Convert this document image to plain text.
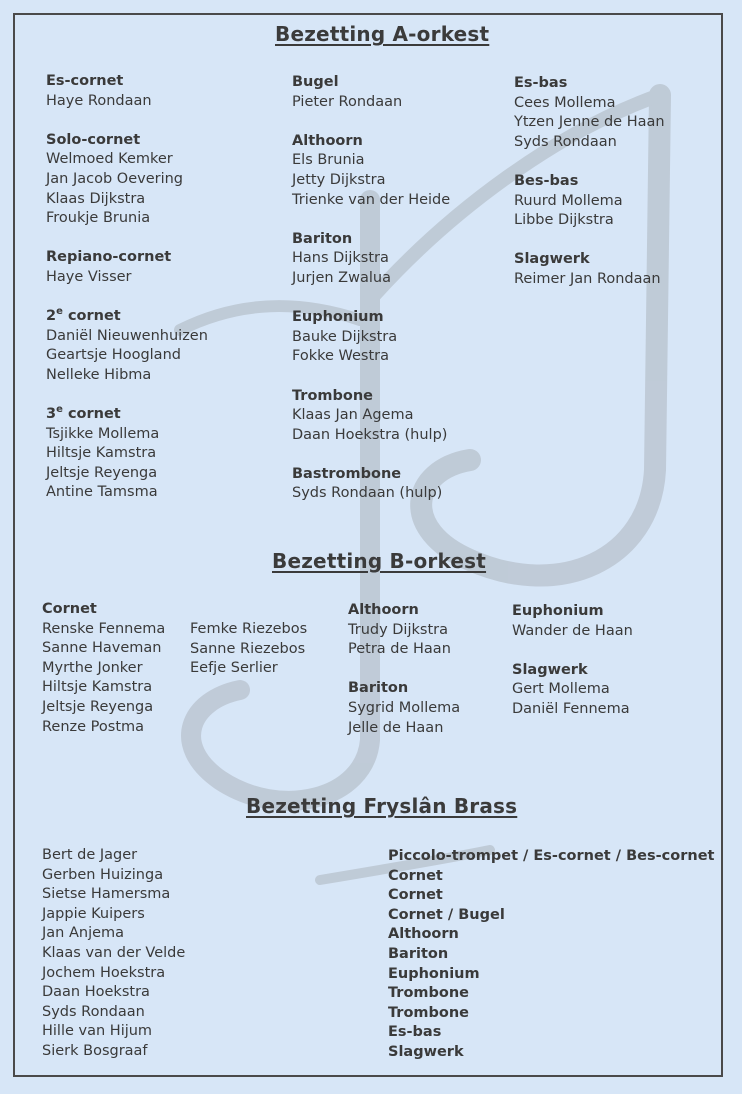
Bezetting A-orkest
Es-cornet
Haye Rondaan
Solo-cornet
Welmoed Kemker
Jan Jacob Oevering
Klaas Dijkstra
Froukje Brunia
Repiano-cornet
Haye Visser
2e cornet
Daniël Nieuwenhuizen
Geartsje Hoogland
Nelleke Hibma
3e cornet
Tsjikke Mollema
Hiltsje Kamstra
Jeltsje Reyenga
Antine Tamsma
Bugel
Pieter Rondaan
Althoorn
Els Brunia
Jetty Dijkstra
Trienke van der Heide
Bariton
Hans Dijkstra
Jurjen Zwalua
Euphonium
Bauke Dijkstra
Fokke Westra
Trombone
Klaas Jan Agema
Daan Hoekstra (hulp)
Bastrombone
Syds Rondaan (hulp)
Es-bas
Cees Mollema
Ytzen Jenne de Haan
Syds Rondaan
Bes-bas
Ruurd Mollema
Libbe Dijkstra
Slagwerk
Reimer Jan Rondaan
Bezetting B-orkest
Cornet
Renske Fennema
Sanne Haveman
Myrthe Jonker
Hiltsje Kamstra
Jeltsje Reyenga
Renze Postma
Femke Riezebos
Sanne Riezebos
Eefje Serlier
Althoorn
Trudy Dijkstra
Petra de Haan
Bariton
Sygrid Mollema
Jelle de Haan
Euphonium
Wander de Haan
Slagwerk
Gert Mollema
Daniël Fennema
Bezetting Fryslân Brass
Bert de Jager
Gerben Huizinga
Sietse Hamersma
Jappie Kuipers
Jan Anjema
Klaas van der Velde
Jochem Hoekstra
Daan Hoekstra
Syds Rondaan
Hille van Hijum
Sierk Bosgraaf
Piccolo-trompet / Es-cornet / Bes-cornet
Cornet
Cornet
Cornet / Bugel
Althoorn
Bariton
Euphonium
Trombone
Trombone
Es-bas
Slagwerk
